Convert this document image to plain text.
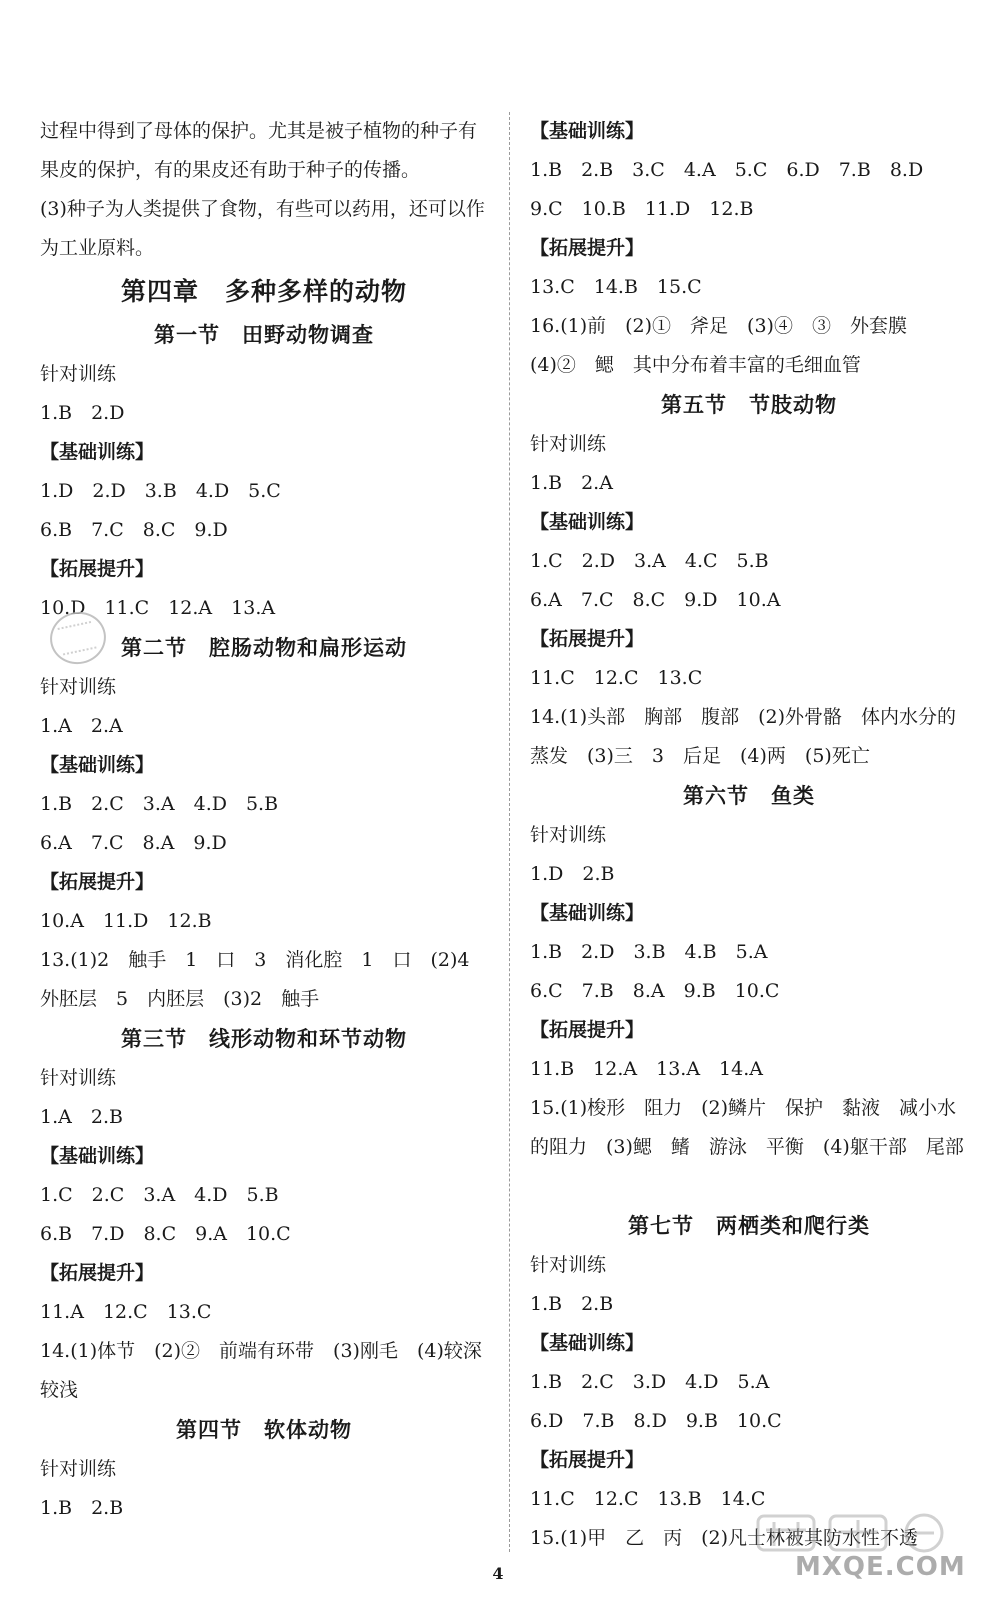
过程中得到了母体的保护。尤其是被子植物的种子有果皮的保护，有的果皮还有助于种子的传播。
(3)种子为人类提供了食物，有些可以药用，还可以作为工业原料。
第四章　多种多样的动物
第一节　田野动物调查
针对训练
1.B　2.D
【基础训练】
1.D　2.D　3.B　4.D　5.C
6.B　7.C　8.C　9.D
【拓展提升】
10.D　11.C　12.A　13.A
第二节　腔肠动物和扁形运动
针对训练
1.A　2.A
【基础训练】
1.B　2.C　3.A　4.D　5.B
6.A　7.C　8.A　9.D
【拓展提升】
10.A　11.D　12.B
13.(1)2　触手　1　口　3　消化腔　1　口　(2)4　外胚层　5　内胚层　(3)2　触手
第三节　线形动物和环节动物
针对训练
1.A　2.B
【基础训练】
1.C　2.C　3.A　4.D　5.B
6.B　7.D　8.C　9.A　10.C
【拓展提升】
11.A　12.C　13.C
14.(1)体节　(2)②　前端有环带　(3)刚毛　(4)较深　较浅
第四节　软体动物
针对训练
1.B　2.B
【基础训练】
1.B　2.B　3.C　4.A　5.C　6.D　7.B　8.D
9.C　10.B　11.D　12.B
【拓展提升】
13.C　14.B　15.C
16.(1)前　(2)①　斧足　(3)④　③　外套膜　(4)②　鳃　其中分布着丰富的毛细血管
第五节　节肢动物
针对训练
1.B　2.A
【基础训练】
1.C　2.D　3.A　4.C　5.B
6.A　7.C　8.C　9.D　10.A
【拓展提升】
11.C　12.C　13.C
14.(1)头部　胸部　腹部　(2)外骨骼　体内水分的蒸发　(3)三　3　后足　(4)两　(5)死亡
第六节　鱼类
针对训练
1.D　2.B
【基础训练】
1.B　2.D　3.B　4.B　5.A
6.C　7.B　8.A　9.B　10.C
【拓展提升】
11.B　12.A　13.A　14.A
15.(1)梭形　阻力　(2)鳞片　保护　黏液　减小水的阻力　(3)鳃　鳍　游泳　平衡　(4)躯干部　尾部
第七节　两栖类和爬行类
针对训练
1.B　2.B
【基础训练】
1.B　2.C　3.D　4.D　5.A
6.D　7.B　8.D　9.B　10.C
【拓展提升】
11.C　12.C　13.B　14.C
15.(1)甲　乙　丙　(2)凡士林被其防水性不透
MXQE.COM
4
